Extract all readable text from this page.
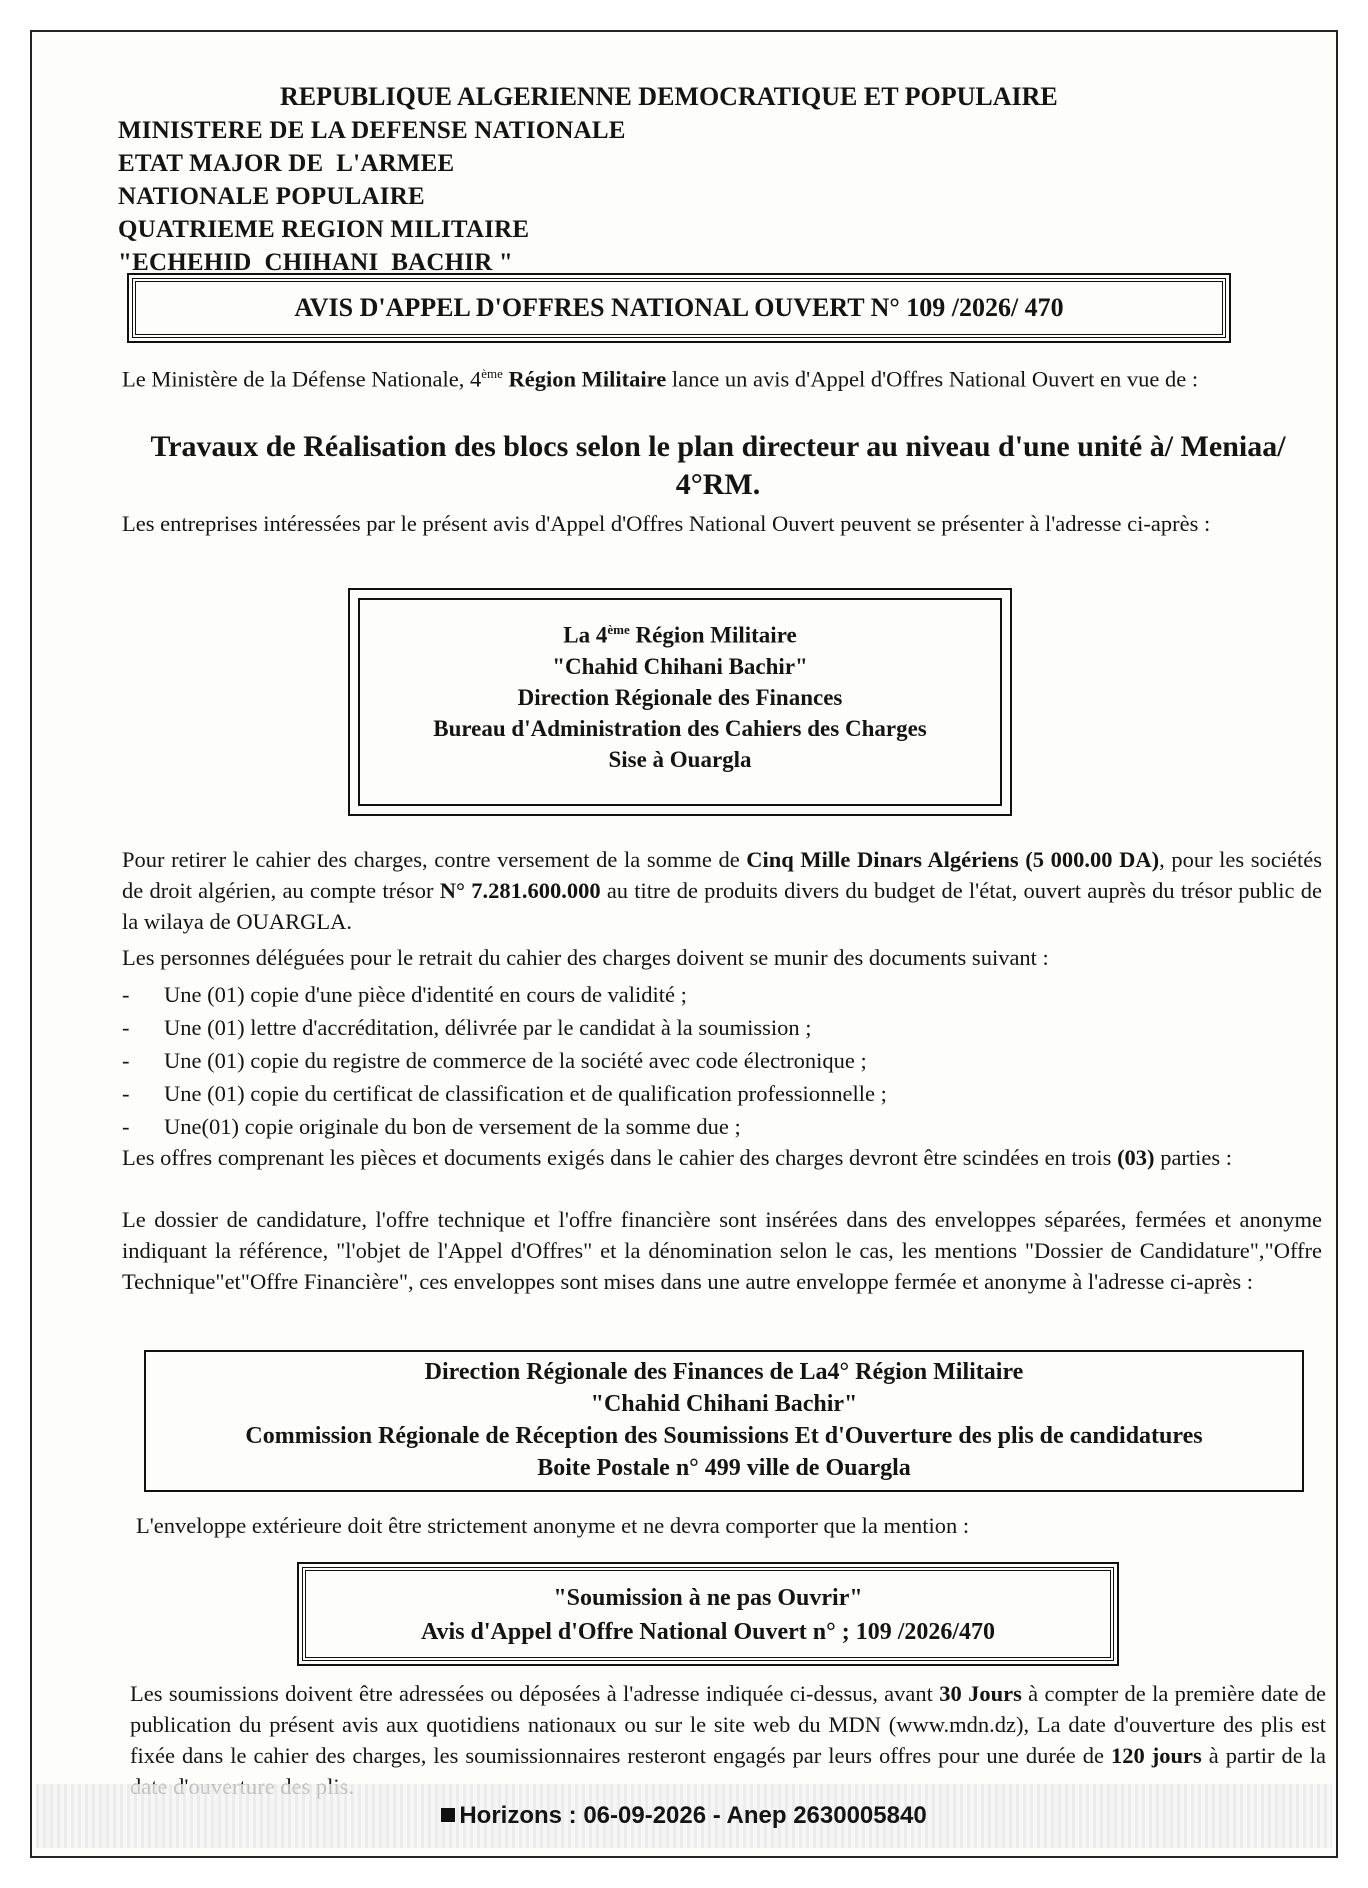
REPUBLIQUE ALGERIENNE DEMOCRATIQUE ET POPULAIRE
MINISTERE DE LA DEFENSE NATIONALE
ETAT MAJOR DE  L'ARMEE
NATIONALE POPULAIRE
QUATRIEME REGION MILITAIRE
"ECHEHID  CHIHANI  BACHIR "
AVIS D'APPEL D'OFFRES NATIONAL OUVERT N° 109 /2026/ 470
Le Ministère de la Défense Nationale, 4ème Région Militaire lance un avis d'Appel d'Offres National Ouvert en vue de :
Travaux de Réalisation des blocs selon le plan directeur au niveau d'une unité à/ Meniaa/ 4°RM.
Les entreprises intéressées par le présent avis d'Appel d'Offres National Ouvert peuvent se présenter à l'adresse ci-après :
La 4ème Région Militaire
"Chahid Chihani Bachir"
Direction Régionale des Finances
Bureau d'Administration des Cahiers des Charges
Sise à Ouargla
Pour retirer le cahier des charges, contre versement de la somme de Cinq Mille Dinars Algériens (5 000.00 DA), pour les sociétés de droit algérien, au compte trésor N° 7.281.600.000 au titre de produits divers du budget de l'état, ouvert auprès du trésor public de la wilaya de OUARGLA.
Les personnes déléguées pour le retrait du cahier des charges doivent se munir des documents suivant :
- Une (01) copie d'une pièce d'identité en cours de validité ;
- Une (01) lettre d'accréditation, délivrée par le candidat à la soumission ;
- Une (01) copie du registre de commerce de la société avec code électronique ;
- Une (01) copie du certificat de classification et de qualification professionnelle ;
- Une(01) copie originale du bon de versement de la somme due ;
Les offres comprenant les pièces et documents exigés dans le cahier des charges devront être scindées en trois (03) parties :
Le dossier de candidature, l'offre technique et l'offre financière sont insérées dans des enveloppes séparées, fermées et anonyme indiquant la référence, "l'objet de l'Appel d'Offres" et la dénomination selon le cas, les mentions "Dossier de Candidature","Offre Technique"et"Offre Financière", ces enveloppes sont mises dans une autre enveloppe fermée et anonyme à l'adresse ci-après :
Direction Régionale des Finances de La4° Région Militaire
"Chahid Chihani Bachir"
Commission Régionale de Réception des Soumissions Et d'Ouverture des plis de candidatures
Boite Postale n° 499 ville de Ouargla
L'enveloppe extérieure doit être strictement anonyme et ne devra comporter que la mention :
"Soumission à ne pas Ouvrir"
Avis d'Appel d'Offre National Ouvert n° ; 109 /2026/470
Les soumissions doivent être adressées ou déposées à l'adresse indiquée ci-dessus, avant 30 Jours à compter de la première date de publication du présent avis aux quotidiens nationaux ou sur le site web du MDN (www.mdn.dz), La date d'ouverture des plis est fixée dans le cahier des charges, les soumissionnaires resteront engagés par leurs offres pour une durée de 120 jours à partir de la
Horizons : 06-09-2026 - Anep 2630005840
